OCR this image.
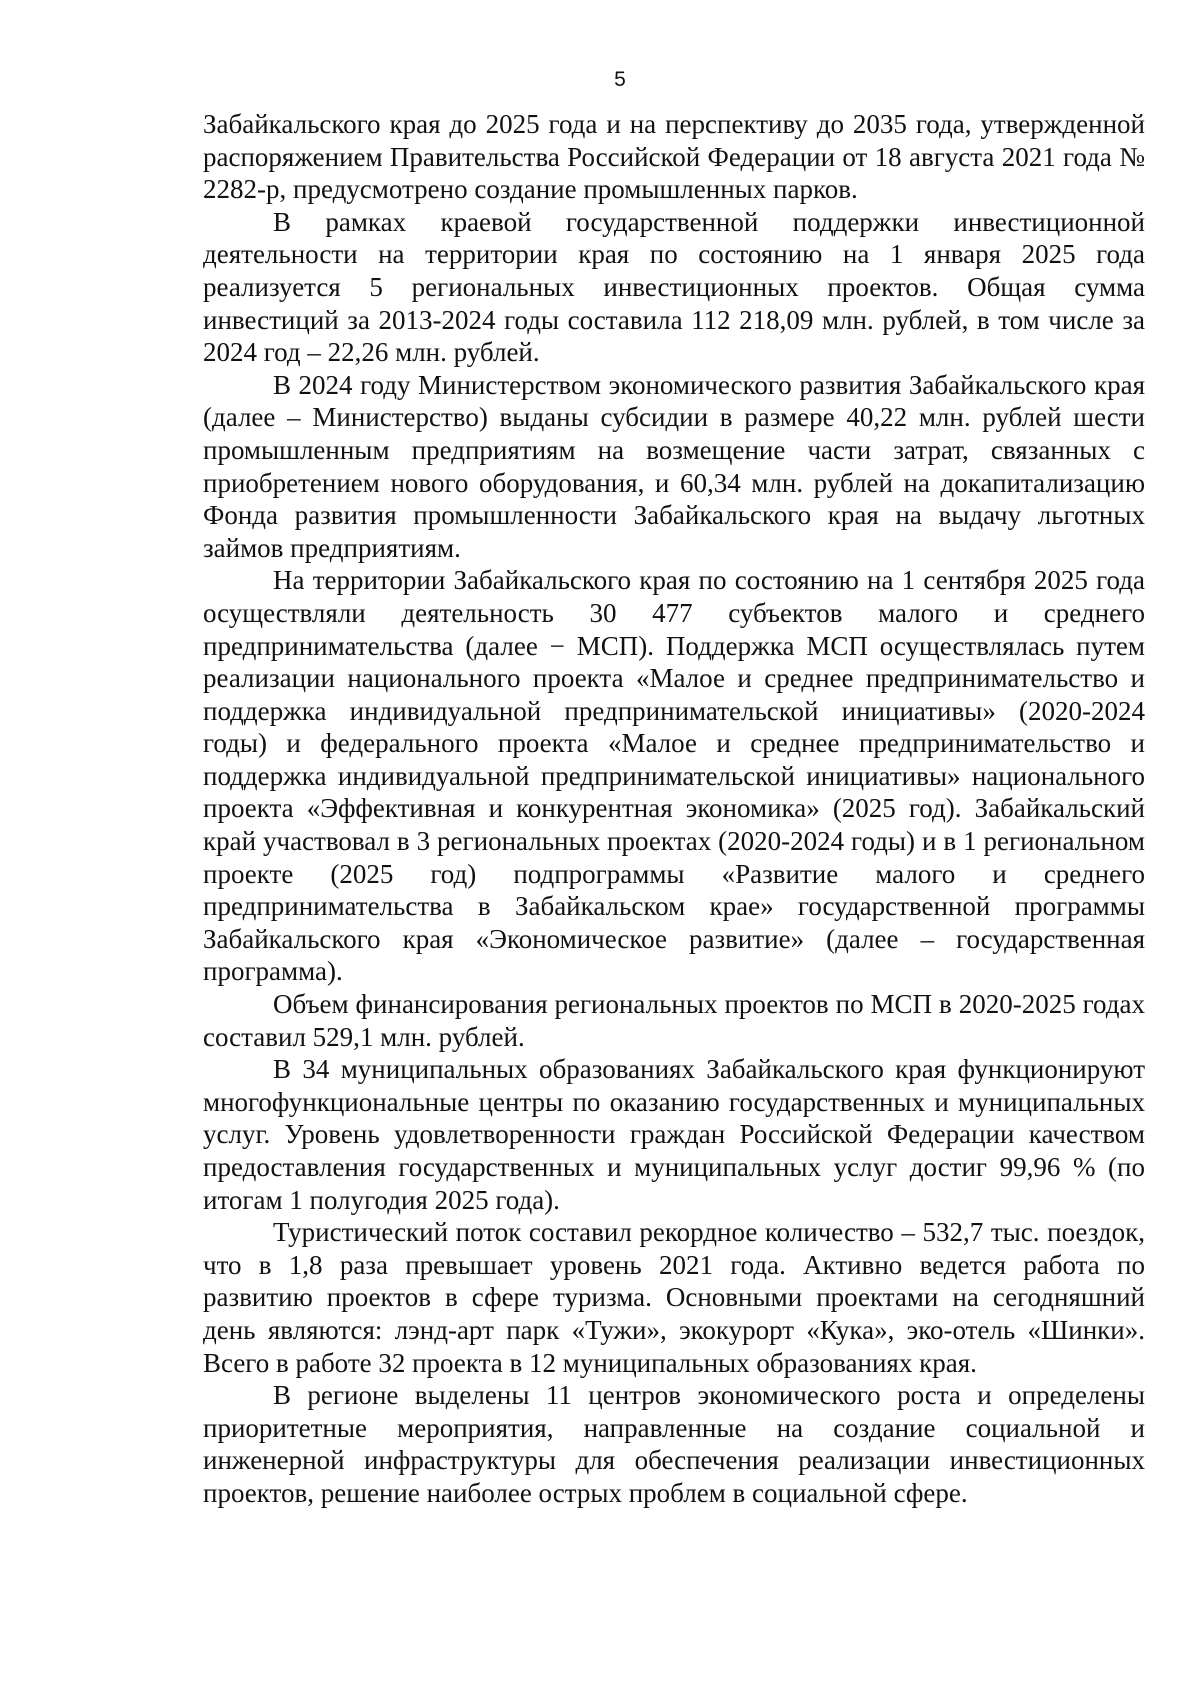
5

Забайкальского края до 2025 года и на перспективу до 2035 года, утвержденной распоряжением Правительства Российской Федерации от 18 августа 2021 года № 2282-р, предусмотрено создание промышленных парков.

В рамках краевой государственной поддержки инвестиционной деятельности на территории края по состоянию на 1 января 2025 года реализуется 5 региональных инвестиционных проектов. Общая сумма инвестиций за 2013-2024 годы составила 112 218,09 млн. рублей, в том числе за 2024 год – 22,26 млн. рублей.

В 2024 году Министерством экономического развития Забайкальского края (далее – Министерство) выданы субсидии в размере 40,22 млн. рублей шести промышленным предприятиям на возмещение части затрат, связанных с приобретением нового оборудования, и 60,34 млн. рублей на докапитализацию Фонда развития промышленности Забайкальского края на выдачу льготных займов предприятиям.

На территории Забайкальского края по состоянию на 1 сентября 2025 года осуществляли деятельность 30 477 субъектов малого и среднего предпринимательства (далее − МСП). Поддержка МСП осуществлялась путем реализации национального проекта «Малое и среднее предпринимательство и поддержка индивидуальной предпринимательской инициативы» (2020-2024 годы) и федерального проекта «Малое и среднее предпринимательство и поддержка индивидуальной предпринимательской инициативы» национального проекта «Эффективная и конкурентная экономика» (2025 год). Забайкальский край участвовал в 3 региональных проектах (2020-2024 годы) и в 1 региональном проекте (2025 год) подпрограммы «Развитие малого и среднего предпринимательства в Забайкальском крае» государственной программы Забайкальского края «Экономическое развитие» (далее – государственная программа).

Объем финансирования региональных проектов по МСП в 2020-2025 годах составил 529,1 млн. рублей.

В 34 муниципальных образованиях Забайкальского края функционируют многофункциональные центры по оказанию государственных и муниципальных услуг. Уровень удовлетворенности граждан Российской Федерации качеством предоставления государственных и муниципальных услуг достиг 99,96 % (по итогам 1 полугодия 2025 года).

Туристический поток составил рекордное количество – 532,7 тыс. поездок, что в 1,8 раза превышает уровень 2021 года. Активно ведется работа по развитию проектов в сфере туризма. Основными проектами на сегодняшний день являются: лэнд-арт парк «Тужи», экокурорт «Кука», эко-отель «Шинки». Всего в работе 32 проекта в 12 муниципальных образованиях края.

В регионе выделены 11 центров экономического роста и определены приоритетные мероприятия, направленные на создание социальной и инженерной инфраструктуры для обеспечения реализации инвестиционных проектов, решение наиболее острых проблем в социальной сфере.
